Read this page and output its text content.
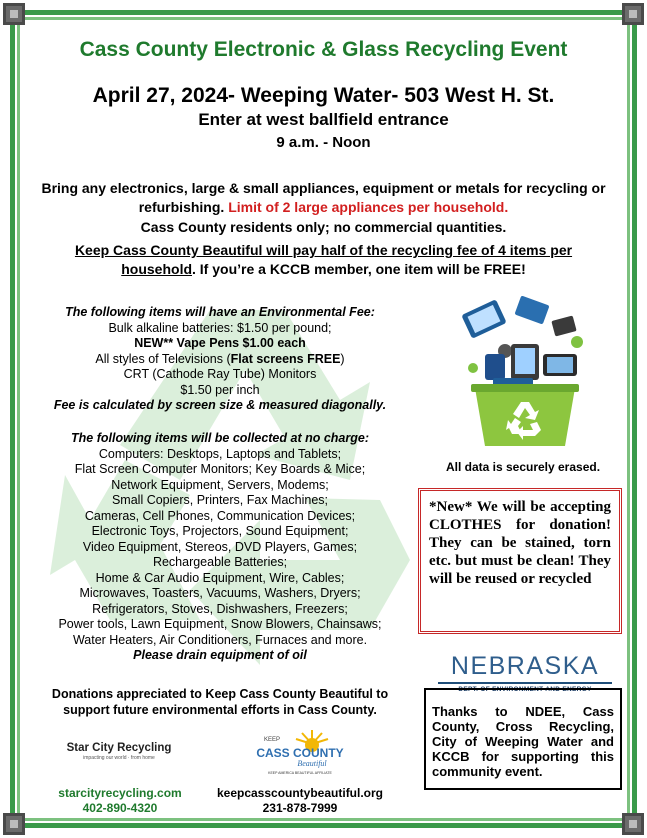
Cass County Electronic & Glass Recycling Event
April 27, 2024- Weeping Water- 503 West H. St.
Enter at west ballfield entrance
9 a.m. - Noon
Bring any electronics, large & small appliances, equipment or metals for recycling or refurbishing. Limit of 2 large appliances per household.
Cass County residents only; no commercial quantities.
Keep Cass County Beautiful will pay half of the recycling fee of 4 items per household. If you’re a KCCB member, one item will be FREE!
The following items will have an Environmental Fee:
Bulk alkaline batteries: $1.50 per pound;
NEW** Vape Pens $1.00 each
All styles of Televisions (Flat screens FREE)
CRT (Cathode Ray Tube) Monitors
$1.50 per inch
Fee is calculated by screen size & measured diagonally.
The following items will be collected at no charge:
Computers: Desktops, Laptops and Tablets;
Flat Screen Computer Monitors; Key Boards & Mice;
Network Equipment, Servers, Modems;
Small Copiers, Printers, Fax Machines;
Cameras, Cell Phones, Communication Devices;
Electronic Toys, Projectors, Sound Equipment;
Video Equipment, Stereos, DVD Players, Games;
Rechargeable Batteries;
Home & Car Audio Equipment, Wire, Cables;
Microwaves, Toasters, Vacuums, Washers, Dryers;
Refrigerators, Stoves, Dishwashers, Freezers;
Power tools, Lawn Equipment, Snow Blowers, Chainsaws;
Water Heaters, Air Conditioners, Furnaces and more.
Please drain equipment of oil
All data is securely erased.
*New* We will be accepting CLOTHES for donation! They can be stained, torn etc. but must be clean! They will be reused or recycled
NEBRASKA
DEPT. OF ENVIRONMENT AND ENERGY
Thanks to NDEE, Cass County, Cross Recycling, City of Weeping Water and KCCB for supporting this community event.
Donations appreciated to Keep Cass County Beautiful to support future environmental efforts in Cass County.
Star City Recycling
impacting our world · from home
starcityrecycling.com
402-890-4320
KEEP
CASS COUNTY
Beautiful
KEEP AMERICA BEAUTIFUL AFFILIATE
keepcasscountybeautiful.org
231-878-7999
